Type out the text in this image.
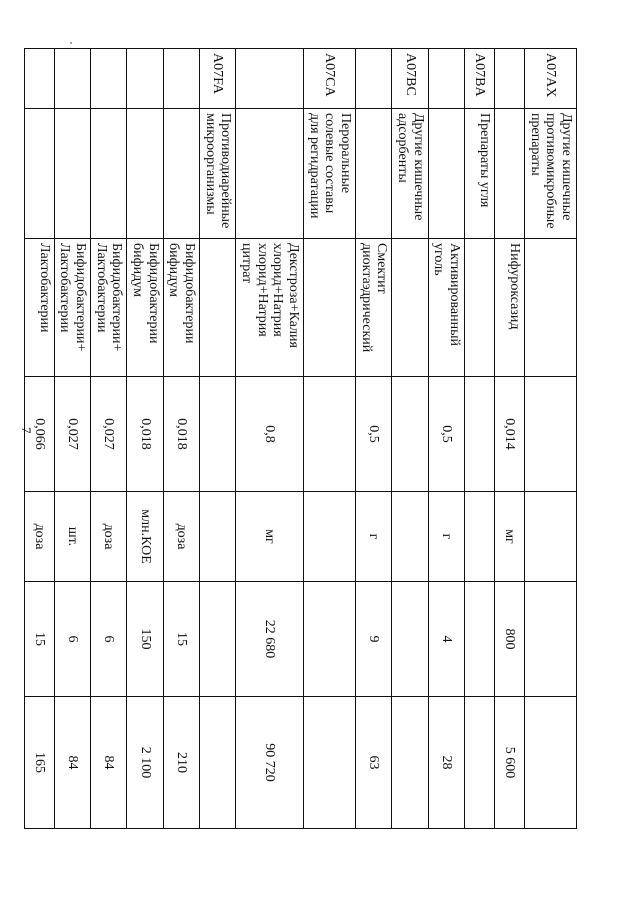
7
A07AX	Другие кишечные противомикробные препараты					
		Нифуроксазид	0,014	мг	800	5 600
A07BA	Препараты угля					
		Активированный уголь	0,5	г	4	28
A07BC	Другие кишечные адсорбенты					
		Смектит диоктаэдрический	0,5	г	9	63
A07CA	Пероральные солевые составы для регидратации					
		Декстроза+Калия хлорид+Натрия хлорид+Натрия цитрат	0,8	мг	22 680	90 720
A07FA	Противодиарейные микроорганизмы					
		Бифидобактерии бифидум	0,018	доза	15	210
		Бифидобактерии бифидум	0,018	млн.КОЕ	150	2 100
		Бифидобактерии+ Лактобактерии	0,027	доза	6	84
		Бифидобактерии+ Лактобактерии	0,027	шт.	6	84
		Лактобактерии	0,066	доза	15	165
